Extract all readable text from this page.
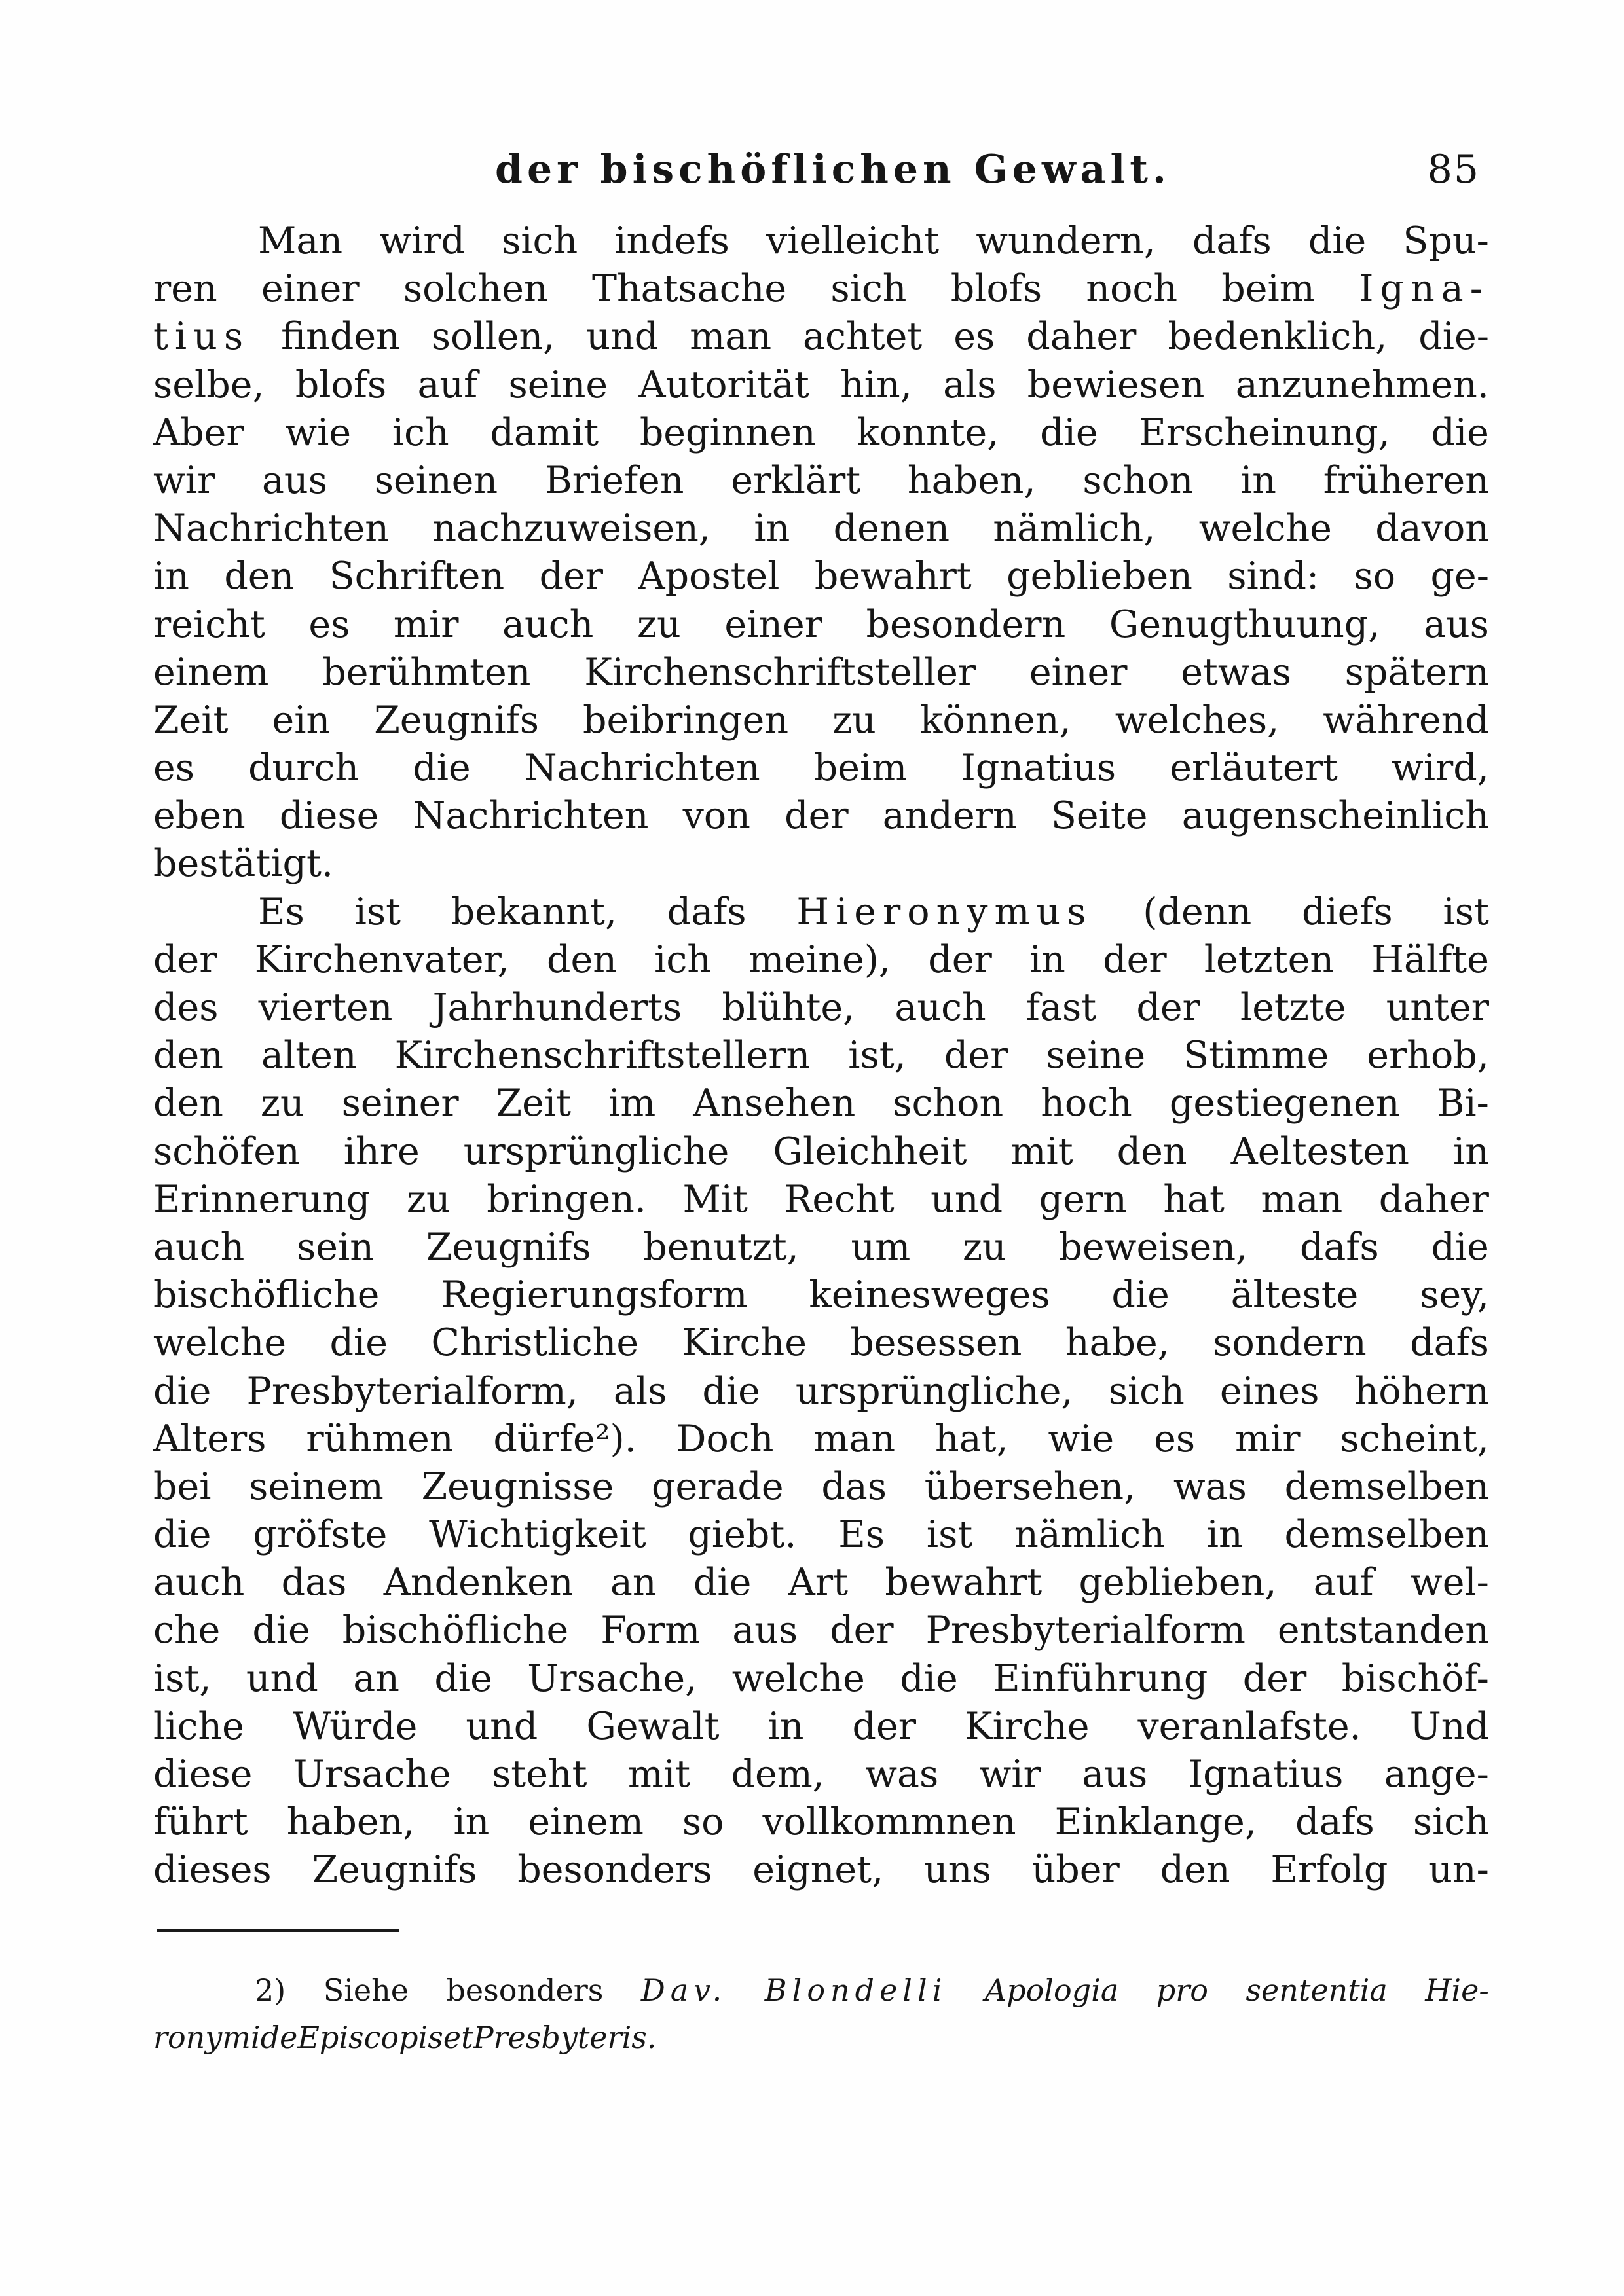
der bischöflichen Gewalt.	85
Man wird sich indefs vielleicht wundern, dafs die Spu-
ren einer solchen Thatsache sich blofs noch beim Igna-
tius finden sollen, und man achtet es daher bedenklich, die-
selbe, blofs auf seine Autorität hin, als bewiesen anzunehmen.
Aber wie ich damit beginnen konnte, die Erscheinung, die
wir aus seinen Briefen erklärt haben, schon in früheren
Nachrichten nachzuweisen, in denen nämlich, welche davon
in den Schriften der Apostel bewahrt geblieben sind: so ge-
reicht es mir auch zu einer besondern Genugthuung, aus
einem berühmten Kirchenschriftsteller einer etwas spätern
Zeit ein Zeugnifs beibringen zu können, welches, während
es durch die Nachrichten beim Ignatius erläutert wird,
eben diese Nachrichten von der andern Seite augenscheinlich
bestätigt.
Es ist bekannt, dafs Hieronymus (denn diefs ist
der Kirchenvater, den ich meine), der in der letzten Hälfte
des vierten Jahrhunderts blühte, auch fast der letzte unter
den alten Kirchenschriftstellern ist, der seine Stimme erhob,
den zu seiner Zeit im Ansehen schon hoch gestiegenen Bi-
schöfen ihre ursprüngliche Gleichheit mit den Aeltesten in
Erinnerung zu bringen. Mit Recht und gern hat man daher
auch sein Zeugnifs benutzt, um zu beweisen, dafs die
bischöfliche Regierungsform keinesweges die älteste sey,
welche die Christliche Kirche besessen habe, sondern dafs
die Presbyterialform, als die ursprüngliche, sich eines höhern
Alters rühmen dürfe²). Doch man hat, wie es mir scheint,
bei seinem Zeugnisse gerade das übersehen, was demselben
die gröfste Wichtigkeit giebt. Es ist nämlich in demselben
auch das Andenken an die Art bewahrt geblieben, auf wel-
che die bischöfliche Form aus der Presbyterialform entstanden
ist, und an die Ursache, welche die Einführung der bischöf-
liche Würde und Gewalt in der Kirche veranlafste. Und
diese Ursache steht mit dem, was wir aus Ignatius ange-
führt haben, in einem so vollkommnen Einklange, dafs sich
dieses Zeugnifs besonders eignet, uns über den Erfolg un-
2) Siehe besonders Dav. Blondelli Apologia pro sententia Hie-
ronymi de Episcopis et Presbyteris.
